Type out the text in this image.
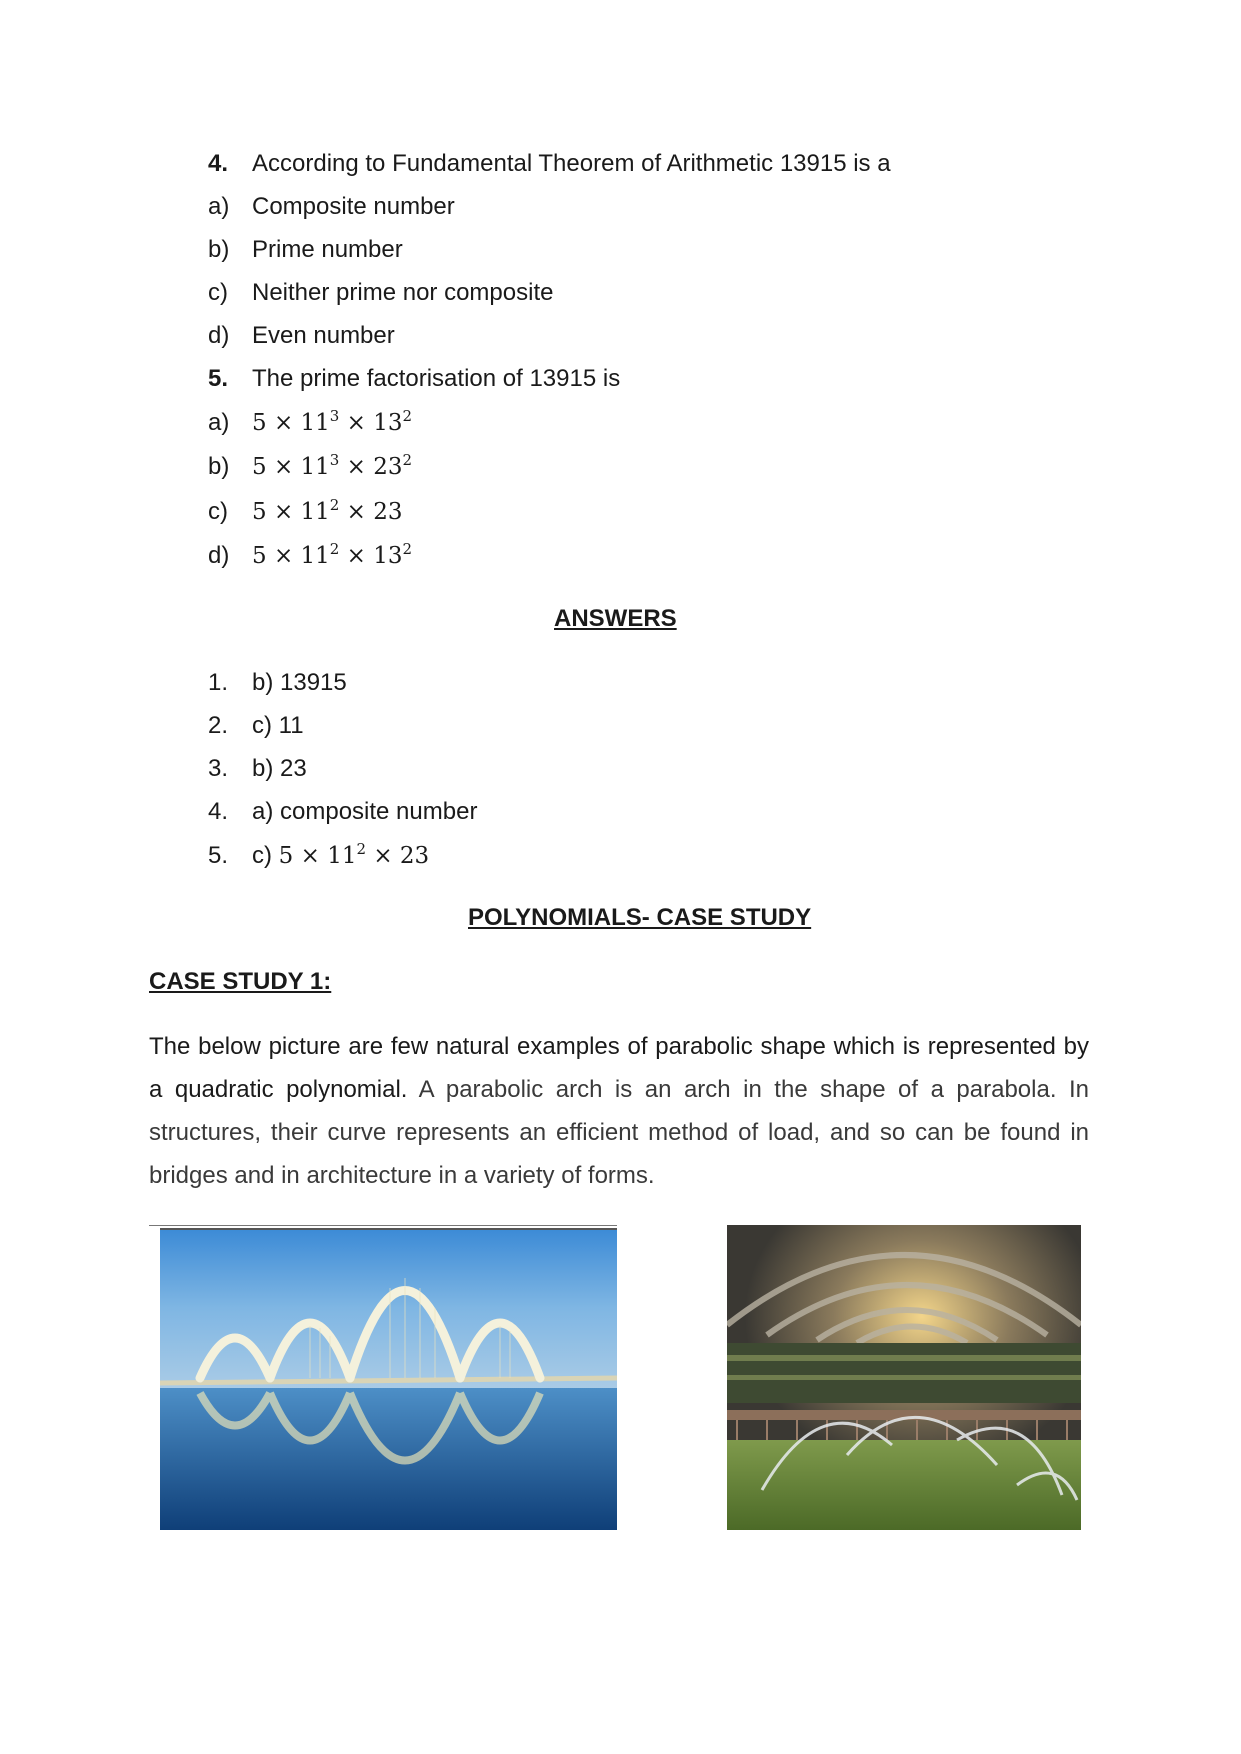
4. According to Fundamental Theorem of Arithmetic 13915 is a
a) Composite number
b) Prime number
c) Neither prime nor composite
d) Even number
5. The prime factorisation of 13915 is
a) $5 \times 11^3 \times 13^2$
b) $5 \times 11^3 \times 23^2$
c) $5 \times 11^2 \times 23$
d) $5 \times 11^2 \times 13^2$
ANSWERS
1. b) 13915
2. c) 11
3. b) 23
4. a) composite number
5. c) $5 \times 11^2 \times 23$
POLYNOMIALS- CASE STUDY
CASE STUDY 1:
The below picture are few natural examples of parabolic shape which is represented by a quadratic polynomial. A parabolic arch is an arch in the shape of a parabola. In structures, their curve represents an efficient method of load, and so can be found in bridges and in architecture in a variety of forms.
